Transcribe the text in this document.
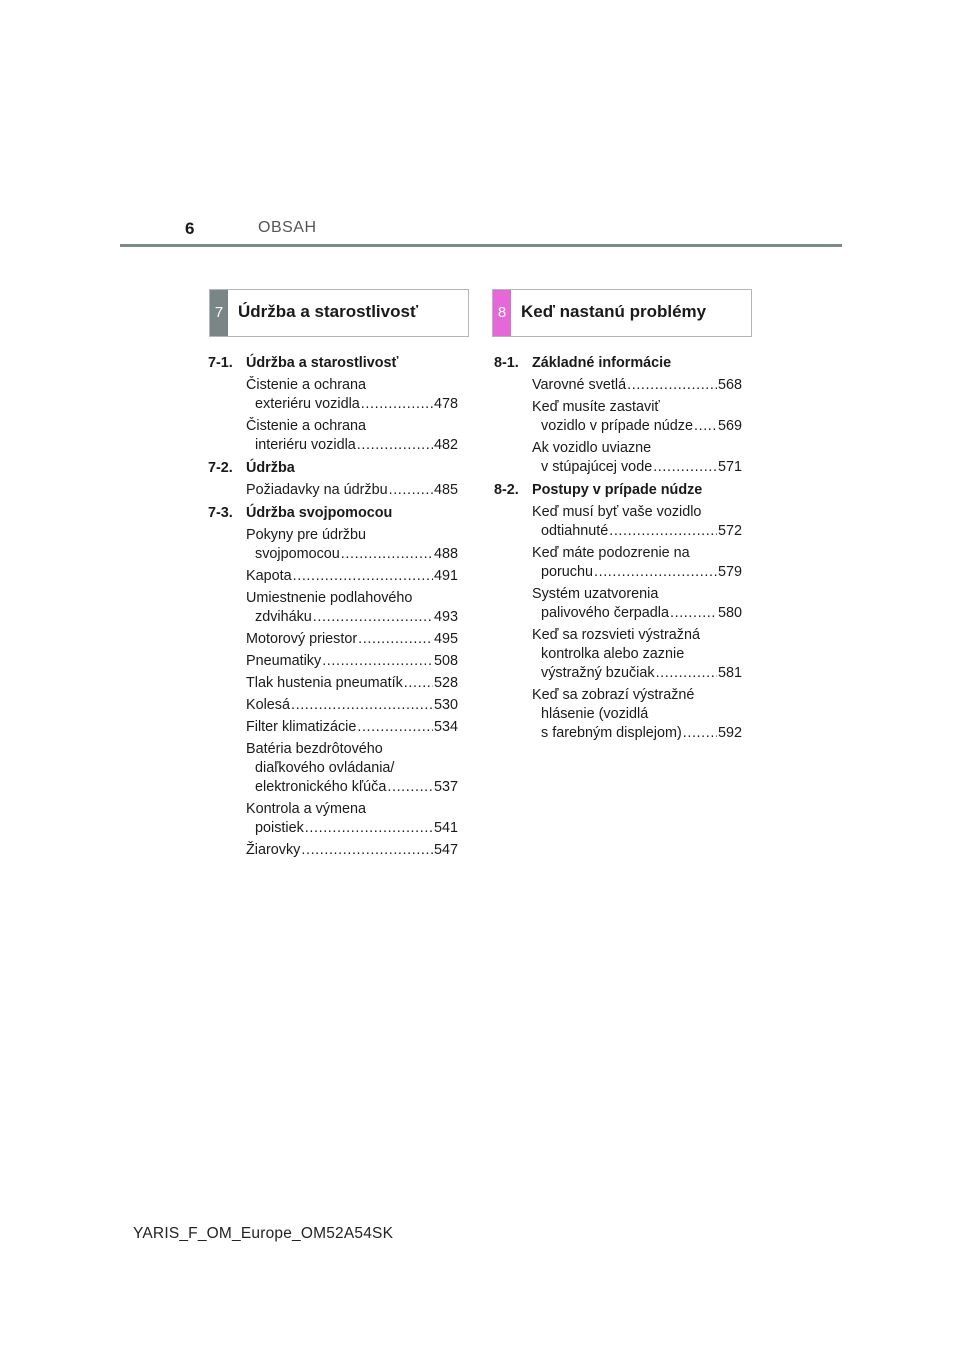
6	OBSAH
7 Údržba a starostlivosť	8 Keď nastanú problémy
7-1. Údržba a starostlivosť
Čistenie a ochrana
exteriéru vozidla .....	478
Čistenie a ochrana
interiéru vozidla .....	482
7-2. Údržba
Požiadavky na údržbu .....	485
7-3. Údržba svojpomocou
Pokyny pre údržbu
svojpomocou .....	488
Kapota .....	491
Umiestnenie podlahového
zdviháku .....	493
Motorový priestor .....	495
Pneumatiky .....	508
Tlak hustenia pneumatík ..... 528
Kolesá .....	530
Filter klimatizácie .....	534
Batéria bezdrôtového
diaľkového ovládania/
elektronického kľúča .....	537
Kontrola a výmena
poistiek .....	541
Žiarovky .....	547
8-1. Základné informácie
Varovné svetlá .....	568
Keď musíte zastaviť
vozidlo v prípade núdze ..... 569
Ak vozidlo uviazne
v stúpajúcej vode .....	571
8-2. Postupy v prípade núdze
Keď musí byť vaše vozidlo
odtiahnuté .....	572
Keď máte podozrenie na
poruchu .....	579
Systém uzatvorenia
palivového čerpadla .....	580
Keď sa rozsvieti výstražná
kontrolka alebo zaznie
výstražný bzučiak .....	581
Keď sa zobrazí výstražné
hlásenie (vozidlá
s farebným displejom) .....	592
YARIS_F_OM_Europe_OM52A54SK
